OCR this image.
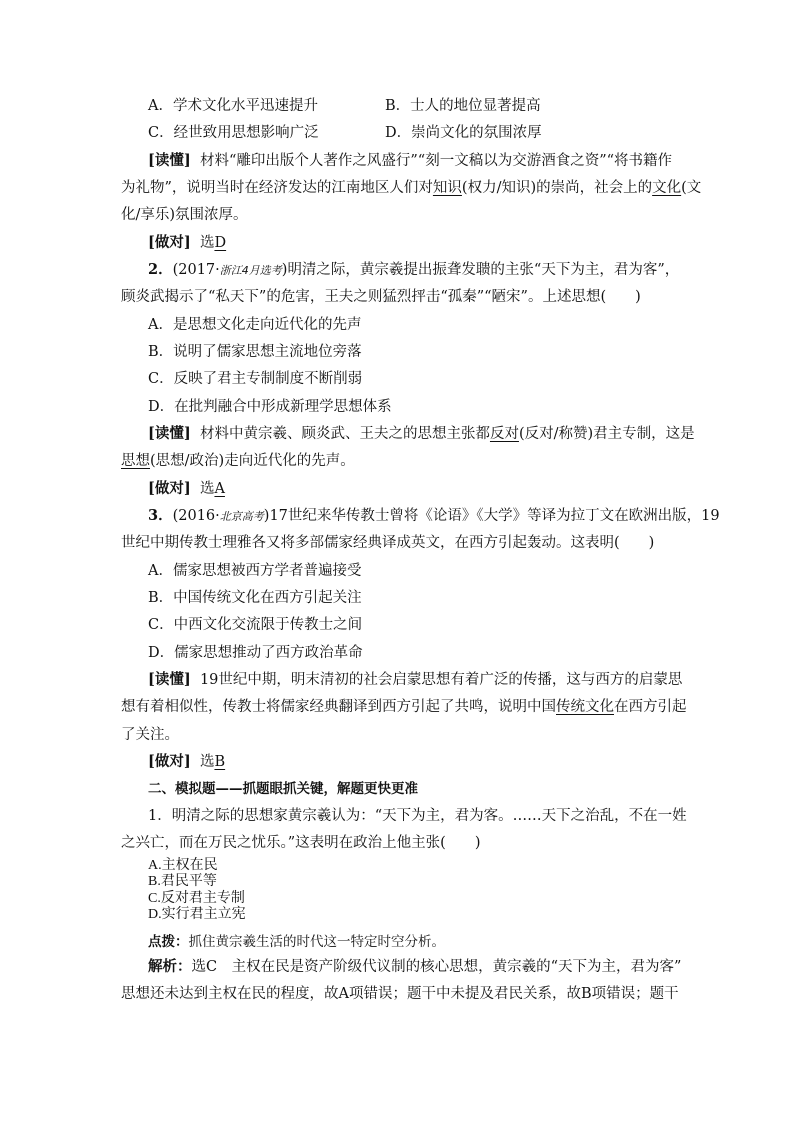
A．学术文化水平迅速提升	B．士人的地位显著提高
C．经世致用思想影响广泛	D．崇尚文化的氛围浓厚
[读懂] 材料“雕印出版个人著作之风盛行”“刻一文稿以为交游酒食之资”“将书籍作
为礼物”，说明当时在经济发达的江南地区人们对知识(权力/知识)的崇尚，社会上的文化(文
化/享乐)氛围浓厚。
[做对] 选D
2．(2017·浙江4月选考)明清之际，黄宗羲提出振聋发聩的主张“天下为主，君为客”，
顾炎武揭示了“私天下”的危害，王夫之则猛烈抨击“孤秦”“陋宋”。上述思想(　　)
A．是思想文化走向近代化的先声
B．说明了儒家思想主流地位旁落
C．反映了君主专制制度不断削弱
D．在批判融合中形成新理学思想体系
[读懂] 材料中黄宗羲、顾炎武、王夫之的思想主张都反对(反对/称赞)君主专制，这是
思想(思想/政治)走向近代化的先声。
[做对] 选A
3．(2016·北京高考)17世纪来华传教士曾将《论语》《大学》等译为拉丁文在欧洲出版，19
世纪中期传教士理雅各又将多部儒家经典译成英文，在西方引起轰动。这表明(　　)
A．儒家思想被西方学者普遍接受
B．中国传统文化在西方引起关注
C．中西文化交流限于传教士之间
D．儒家思想推动了西方政治革命
[读懂] 19世纪中期，明末清初的社会启蒙思想有着广泛的传播，这与西方的启蒙思
想有着相似性，传教士将儒家经典翻译到西方引起了共鸣，说明中国传统文化在西方引起
了关注。
[做对] 选B
二、模拟题——抓题眼抓关键，解题更快更准
1．明清之际的思想家黄宗羲认为：“天下为主，君为客。……天下之治乱，不在一姓
之兴亡，而在万民之忧乐。”这表明在政治上他主张(　　)
A.主权在民
B.君民平等
C.反对君主专制
D.实行君主立宪
点拨：抓住黄宗羲生活的时代这一特定时空分析。
解析：选C　主权在民是资产阶级代议制的核心思想，黄宗羲的“天下为主，君为客”
思想还未达到主权在民的程度，故A项错误；题干中未提及君民关系，故B项错误；题干
